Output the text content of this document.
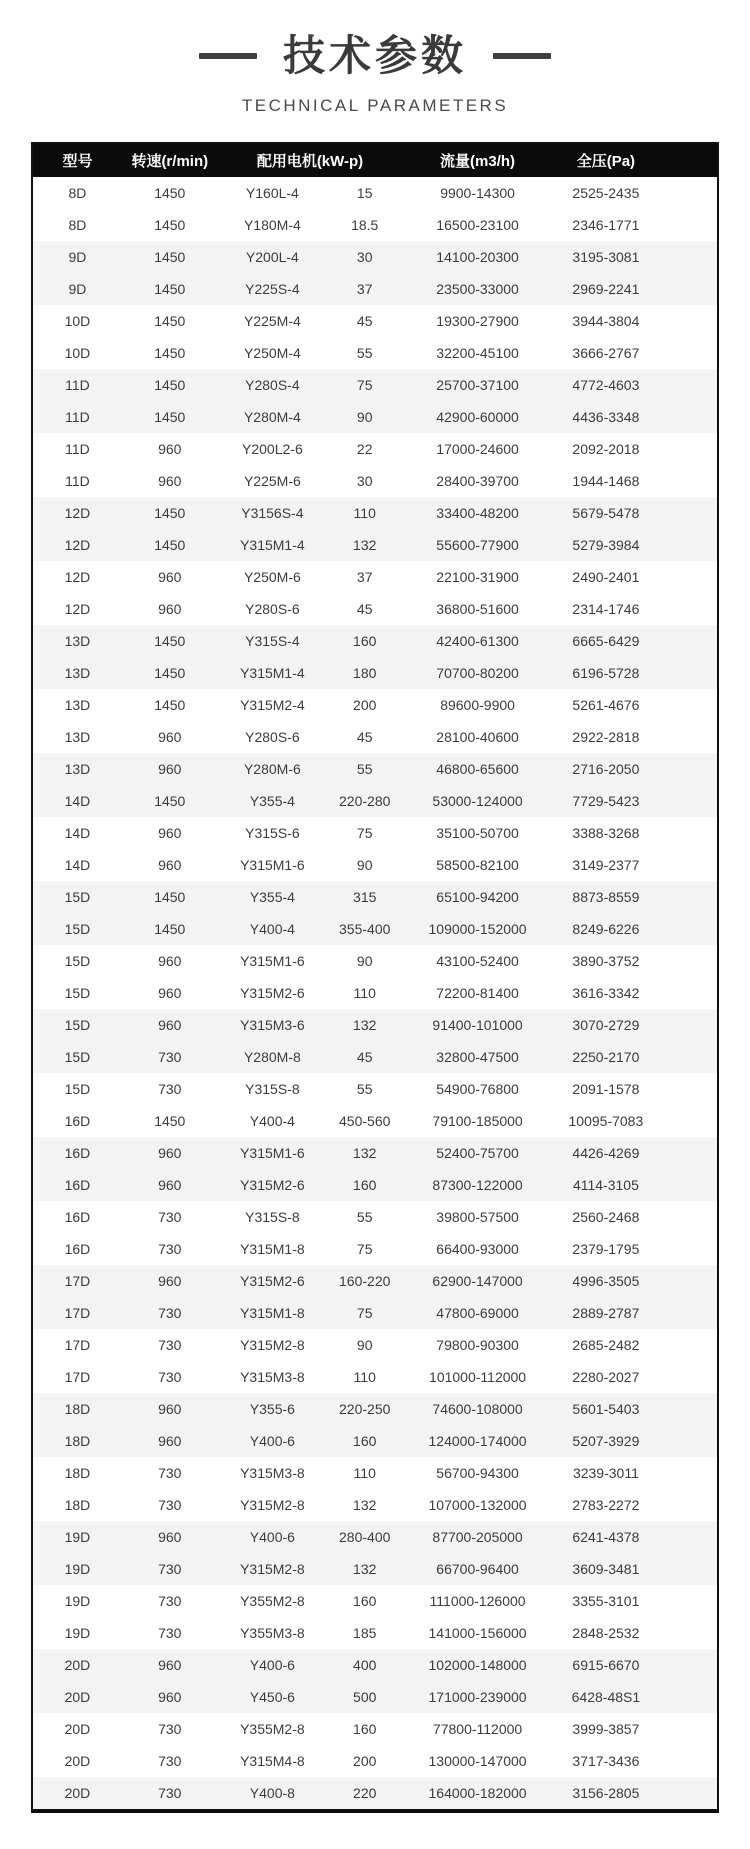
技术参数
TECHNICAL PARAMETERS
型号	转速(r/min)	配用电机(kW-p)		流量(m3/h)	全压(Pa)
8D	1450	Y160L-4	15	9900-14300	2525-2435
8D	1450	Y180M-4	18.5	16500-23100	2346-1771
9D	1450	Y200L-4	30	14100-20300	3195-3081
9D	1450	Y225S-4	37	23500-33000	2969-2241
10D	1450	Y225M-4	45	19300-27900	3944-3804
10D	1450	Y250M-4	55	32200-45100	3666-2767
11D	1450	Y280S-4	75	25700-37100	4772-4603
11D	1450	Y280M-4	90	42900-60000	4436-3348
11D	960	Y200L2-6	22	17000-24600	2092-2018
11D	960	Y225M-6	30	28400-39700	1944-1468
12D	1450	Y3156S-4	110	33400-48200	5679-5478
12D	1450	Y315M1-4	132	55600-77900	5279-3984
12D	960	Y250M-6	37	22100-31900	2490-2401
12D	960	Y280S-6	45	36800-51600	2314-1746
13D	1450	Y315S-4	160	42400-61300	6665-6429
13D	1450	Y315M1-4	180	70700-80200	6196-5728
13D	1450	Y315M2-4	200	89600-9900	5261-4676
13D	960	Y280S-6	45	28100-40600	2922-2818
13D	960	Y280M-6	55	46800-65600	2716-2050
14D	1450	Y355-4	220-280	53000-124000	7729-5423
14D	960	Y315S-6	75	35100-50700	3388-3268
14D	960	Y315M1-6	90	58500-82100	3149-2377
15D	1450	Y355-4	315	65100-94200	8873-8559
15D	1450	Y400-4	355-400	109000-152000	8249-6226
15D	960	Y315M1-6	90	43100-52400	3890-3752
15D	960	Y315M2-6	110	72200-81400	3616-3342
15D	960	Y315M3-6	132	91400-101000	3070-2729
15D	730	Y280M-8	45	32800-47500	2250-2170
15D	730	Y315S-8	55	54900-76800	2091-1578
16D	1450	Y400-4	450-560	79100-185000	10095-7083
16D	960	Y315M1-6	132	52400-75700	4426-4269
16D	960	Y315M2-6	160	87300-122000	4114-3105
16D	730	Y315S-8	55	39800-57500	2560-2468
16D	730	Y315M1-8	75	66400-93000	2379-1795
17D	960	Y315M2-6	160-220	62900-147000	4996-3505
17D	730	Y315M1-8	75	47800-69000	2889-2787
17D	730	Y315M2-8	90	79800-90300	2685-2482
17D	730	Y315M3-8	110	101000-112000	2280-2027
18D	960	Y355-6	220-250	74600-108000	5601-5403
18D	960	Y400-6	160	124000-174000	5207-3929
18D	730	Y315M3-8	110	56700-94300	3239-3011
18D	730	Y315M2-8	132	107000-132000	2783-2272
19D	960	Y400-6	280-400	87700-205000	6241-4378
19D	730	Y315M2-8	132	66700-96400	3609-3481
19D	730	Y355M2-8	160	111000-126000	3355-3101
19D	730	Y355M3-8	185	141000-156000	2848-2532
20D	960	Y400-6	400	102000-148000	6915-6670
20D	960	Y450-6	500	171000-239000	6428-48S1
20D	730	Y355M2-8	160	77800-112000	3999-3857
20D	730	Y315M4-8	200	130000-147000	3717-3436
20D	730	Y400-8	220	164000-182000	3156-2805
